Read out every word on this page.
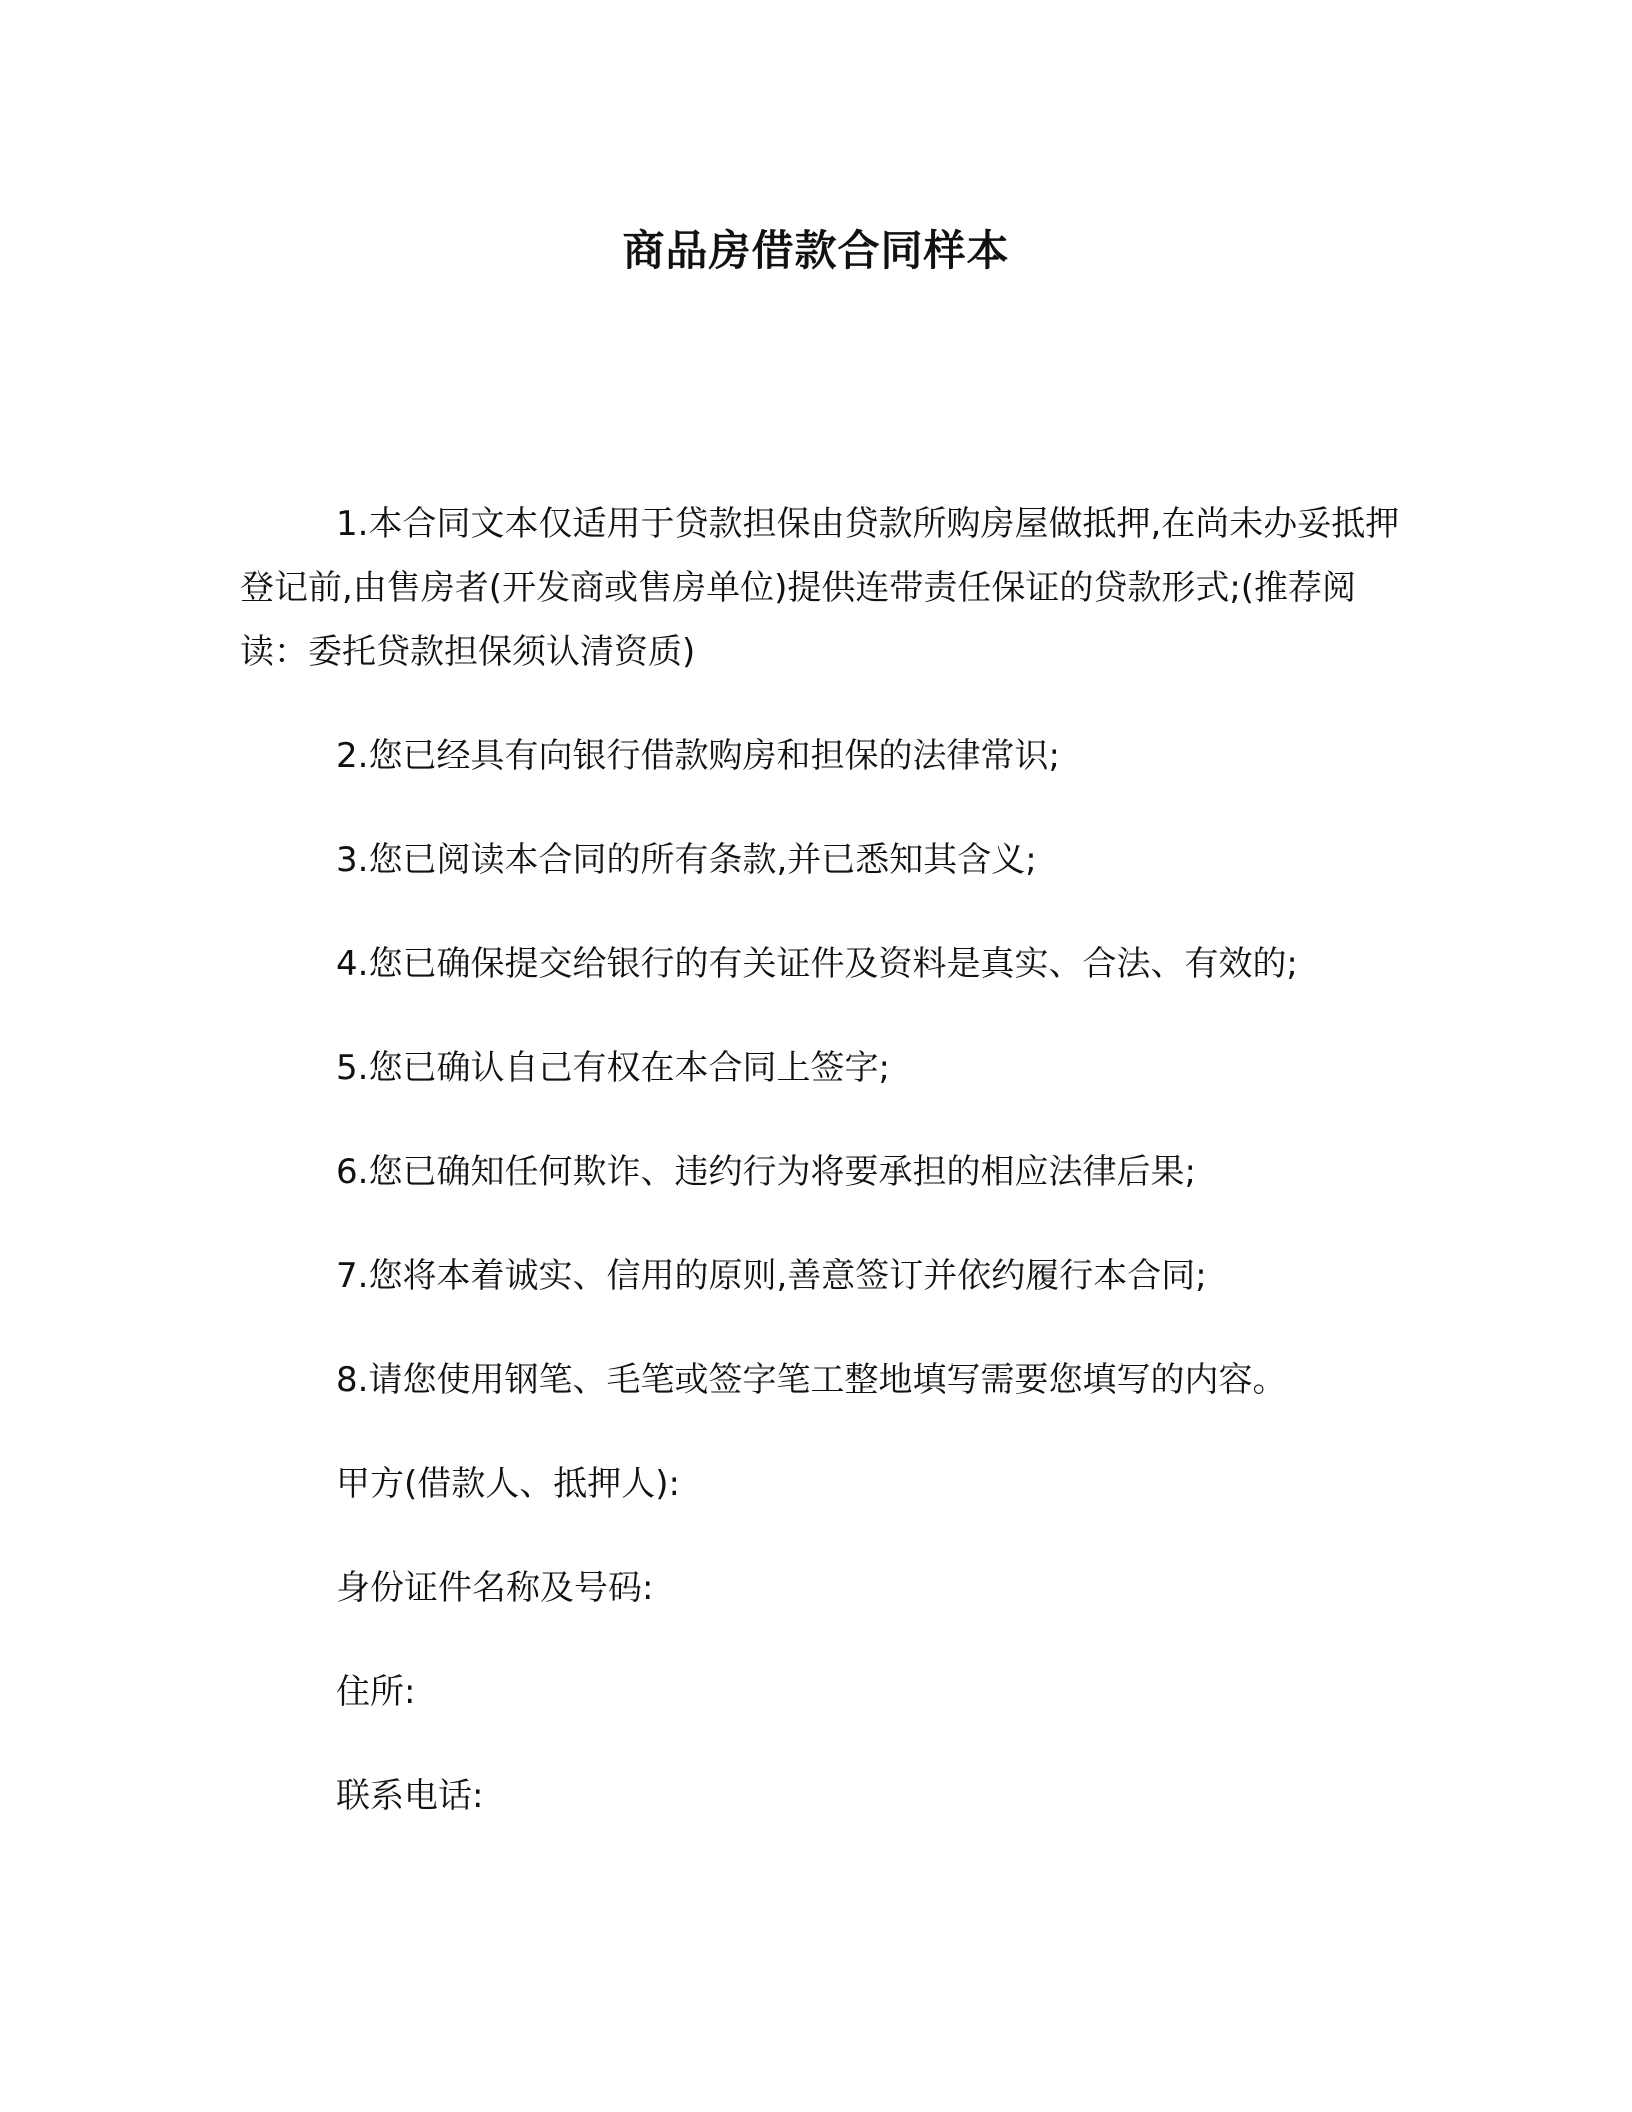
商品房借款合同样本

1.本合同文本仅适用于贷款担保由贷款所购房屋做抵押,在尚未办妥抵押登记前,由售房者(开发商或售房单位)提供连带责任保证的贷款形式;(推荐阅读：委托贷款担保须认清资质)

2.您已经具有向银行借款购房和担保的法律常识;

3.您已阅读本合同的所有条款,并已悉知其含义;

4.您已确保提交给银行的有关证件及资料是真实、合法、有效的;

5.您已确认自己有权在本合同上签字;

6.您已确知任何欺诈、违约行为将要承担的相应法律后果;

7.您将本着诚实、信用的原则,善意签订并依约履行本合同;

8.请您使用钢笔、毛笔或签字笔工整地填写需要您填写的内容。

甲方(借款人、抵押人):
身份证件名称及号码:
住所:
联系电话:
